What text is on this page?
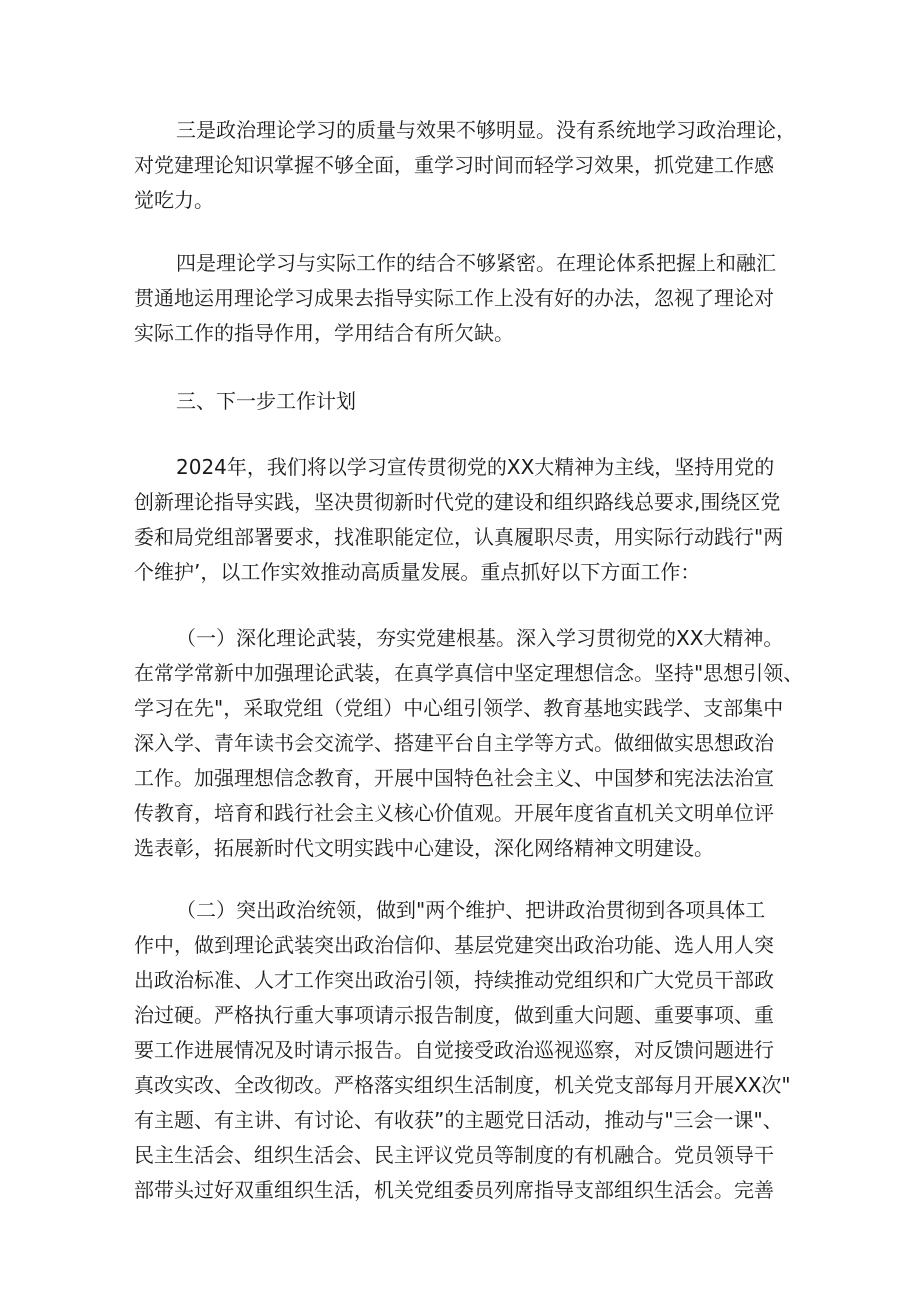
三是政治理论学习的质量与效果不够明显。没有系统地学习政治理论，
对党建理论知识掌握不够全面，重学习时间而轻学习效果，抓党建工作感
觉吃力。
四是理论学习与实际工作的结合不够紧密。在理论体系把握上和融汇
贯通地运用理论学习成果去指导实际工作上没有好的办法，忽视了理论对
实际工作的指导作用，学用结合有所欠缺。
三、下一步工作计划
2024年，我们将以学习宣传贯彻党的XX大精神为主线，坚持用党的
创新理论指导实践，坚决贯彻新时代党的建设和组织路线总要求,围绕区党
委和局党组部署要求，找准职能定位，认真履职尽责，用实际行动践行"两
个维护’，以工作实效推动高质量发展。重点抓好以下方面工作：
（一）深化理论武装，夯实党建根基。深入学习贯彻党的XX大精神。
在常学常新中加强理论武装，在真学真信中坚定理想信念。坚持"思想引领、
学习在先"，采取党组（党组）中心组引领学、教育基地实践学、支部集中
深入学、青年读书会交流学、搭建平台自主学等方式。做细做实思想政治
工作。加强理想信念教育，开展中国特色社会主义、中国梦和宪法法治宣
传教育，培育和践行社会主义核心价值观。开展年度省直机关文明单位评
选表彰，拓展新时代文明实践中心建设，深化网络精神文明建设。
（二）突出政治统领，做到"两个维护、把讲政治贯彻到各项具体工
作中，做到理论武装突出政治信仰、基层党建突出政治功能、选人用人突
出政治标准、人才工作突出政治引领，持续推动党组织和广大党员干部政
治过硬。严格执行重大事项请示报告制度，做到重大问题、重要事项、重
要工作进展情况及时请示报告。自觉接受政治巡视巡察，对反馈问题进行
真改实改、全改彻改。严格落实组织生活制度，机关党支部每月开展XX次"
有主题、有主讲、有讨论、有收获”的主题党日活动，推动与"三会一课"、
民主生活会、组织生活会、民主评议党员等制度的有机融合。党员领导干
部带头过好双重组织生活，机关党组委员列席指导支部组织生活会。完善
